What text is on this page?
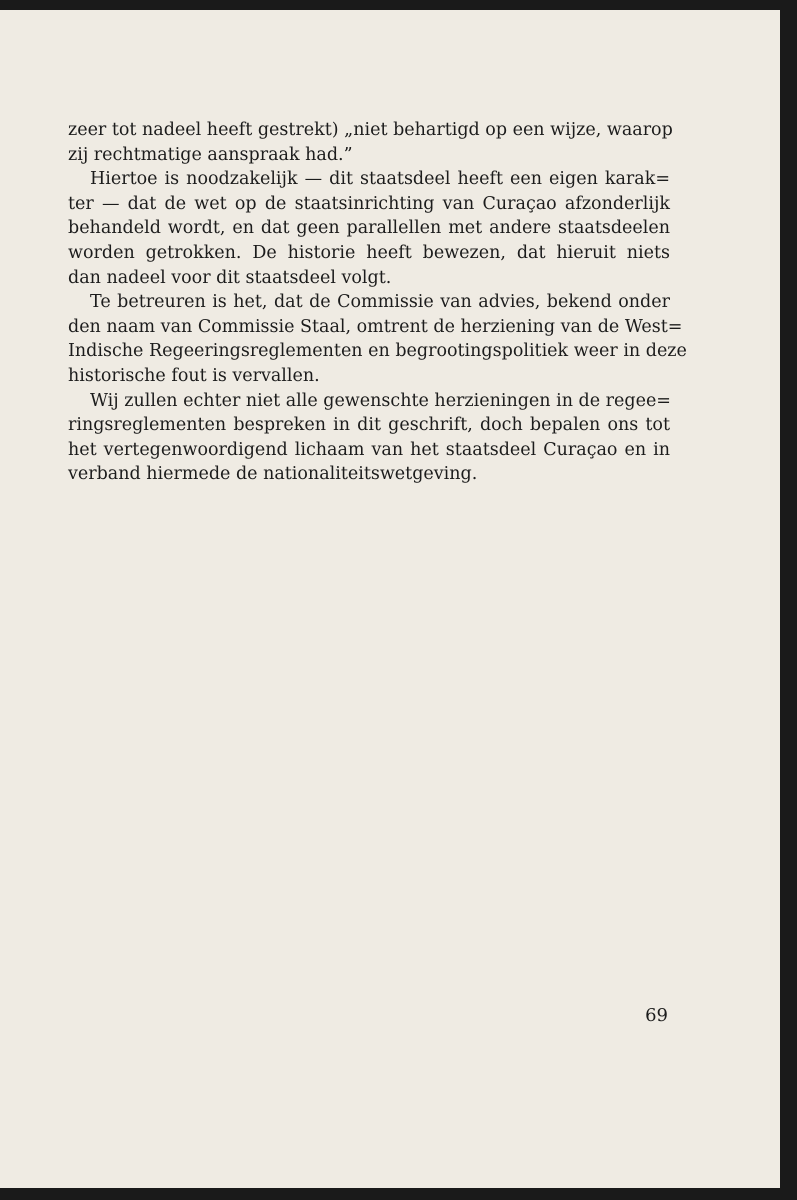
zeer tot nadeel heeft gestrekt) „niet behartigd op een wijze, waarop
zij rechtmatige aanspraak had.”
Hiertoe is noodzakelijk — dit staatsdeel heeft een eigen karak=
ter — dat de wet op de staatsinrichting van Curaçao afzonderlijk
behandeld wordt, en dat geen parallellen met andere staatsdeelen
worden getrokken. De historie heeft bewezen, dat hieruit niets
dan nadeel voor dit staatsdeel volgt.
Te betreuren is het, dat de Commissie van advies, bekend onder
den naam van Commissie Staal, omtrent de herziening van de West=
Indische Regeeringsreglementen en begrootingspolitiek weer in deze
historische fout is vervallen.
Wij zullen echter niet alle gewenschte herzieningen in de regee=
ringsreglementen bespreken in dit geschrift, doch bepalen ons tot
het vertegenwoordigend lichaam van het staatsdeel Curaçao en in
verband hiermede de nationaliteitswetgeving.
69
